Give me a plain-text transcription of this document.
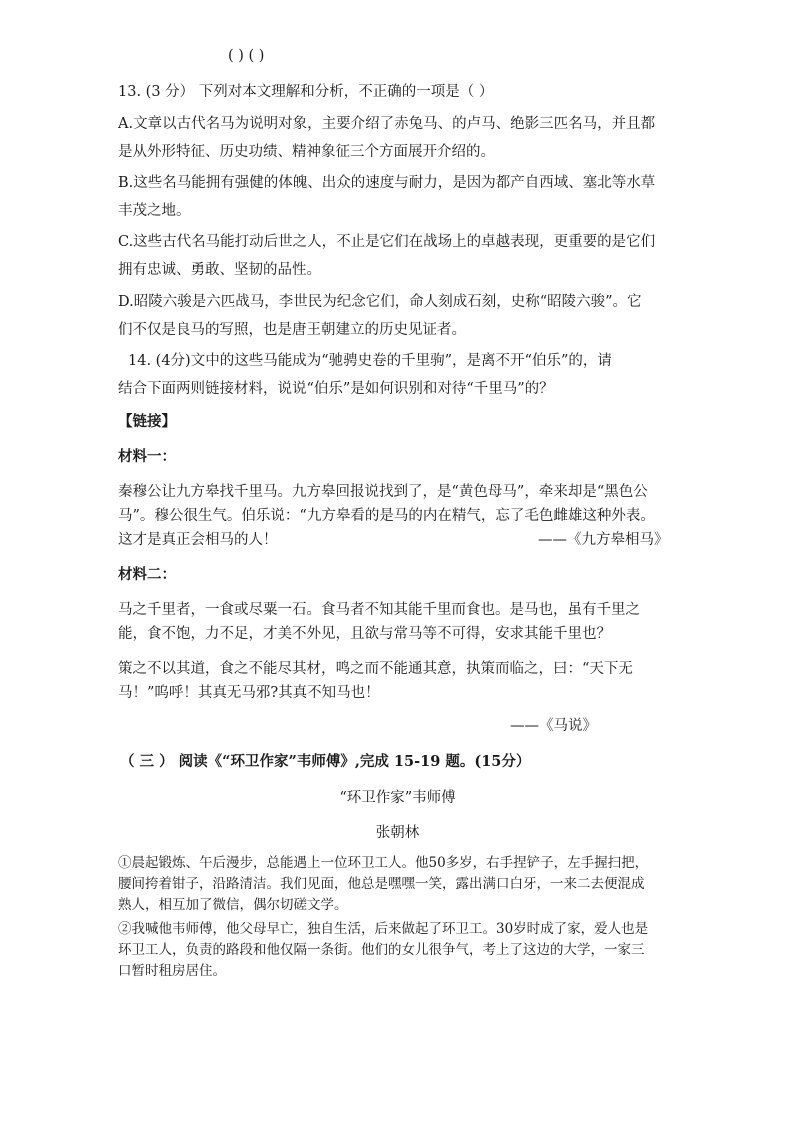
( ) ( )
13. (3 分） 下列对本文理解和分析，不正确的一项是（ ）
A.文章以古代名马为说明对象，主要介绍了赤兔马、的卢马、绝影三匹名马，并且都
是从外形特征、历史功绩、精神象征三个方面展开介绍的。
B.这些名马能拥有强健的体魄、出众的速度与耐力，是因为都产自西域、塞北等水草
丰茂之地。
C.这些古代名马能打动后世之人，不止是它们在战场上的卓越表现，更重要的是它们
拥有忠诚、勇敢、坚韧的品性。
D.昭陵六骏是六匹战马，李世民为纪念它们，命人刻成石刻，史称“昭陵六骏”。它
们不仅是良马的写照，也是唐王朝建立的历史见证者。
14. (4分)文中的这些马能成为“驰骋史卷的千里驹”，是离不开“伯乐”的，请
结合下面两则链接材料，说说“伯乐”是如何识别和对待“千里马”的？
【链接】
材料一：
秦穆公让九方皋找千里马。九方皋回报说找到了，是“黄色母马”，牵来却是“黑色公
马”。穆公很生气。伯乐说：“九方皋看的是马的内在精气，忘了毛色雌雄这种外表。
这才是真正会相马的人！	——《九方皋相马》
材料二：
马之千里者，一食或尽粟一石。食马者不知其能千里而食也。是马也，虽有千里之
能，食不饱，力不足，才美不外见，且欲与常马等不可得，安求其能千里也？
策之不以其道，食之不能尽其材，鸣之而不能通其意，执策而临之，曰：“天下无
马！”呜呼！其真无马邪?其真不知马也！
——《马说》
（ 三 ） 阅读《“环卫作家”韦师傅》,完成 15-19 题。(15分）
“环卫作家”韦师傅
张朝林
①晨起锻炼、午后漫步，总能遇上一位环卫工人。他50多岁，右手捏铲子，左手握扫把，
腰间挎着钳子，沿路清洁。我们见面，他总是嘿嘿一笑，露出满口白牙，一来二去便混成
熟人，相互加了微信，偶尔切磋文学。
②我喊他韦师傅，他父母早亡，独自生活，后来做起了环卫工。30岁时成了家，爱人也是
环卫工人，负责的路段和他仅隔一条街。他们的女儿很争气，考上了这边的大学，一家三
口暂时租房居住。
